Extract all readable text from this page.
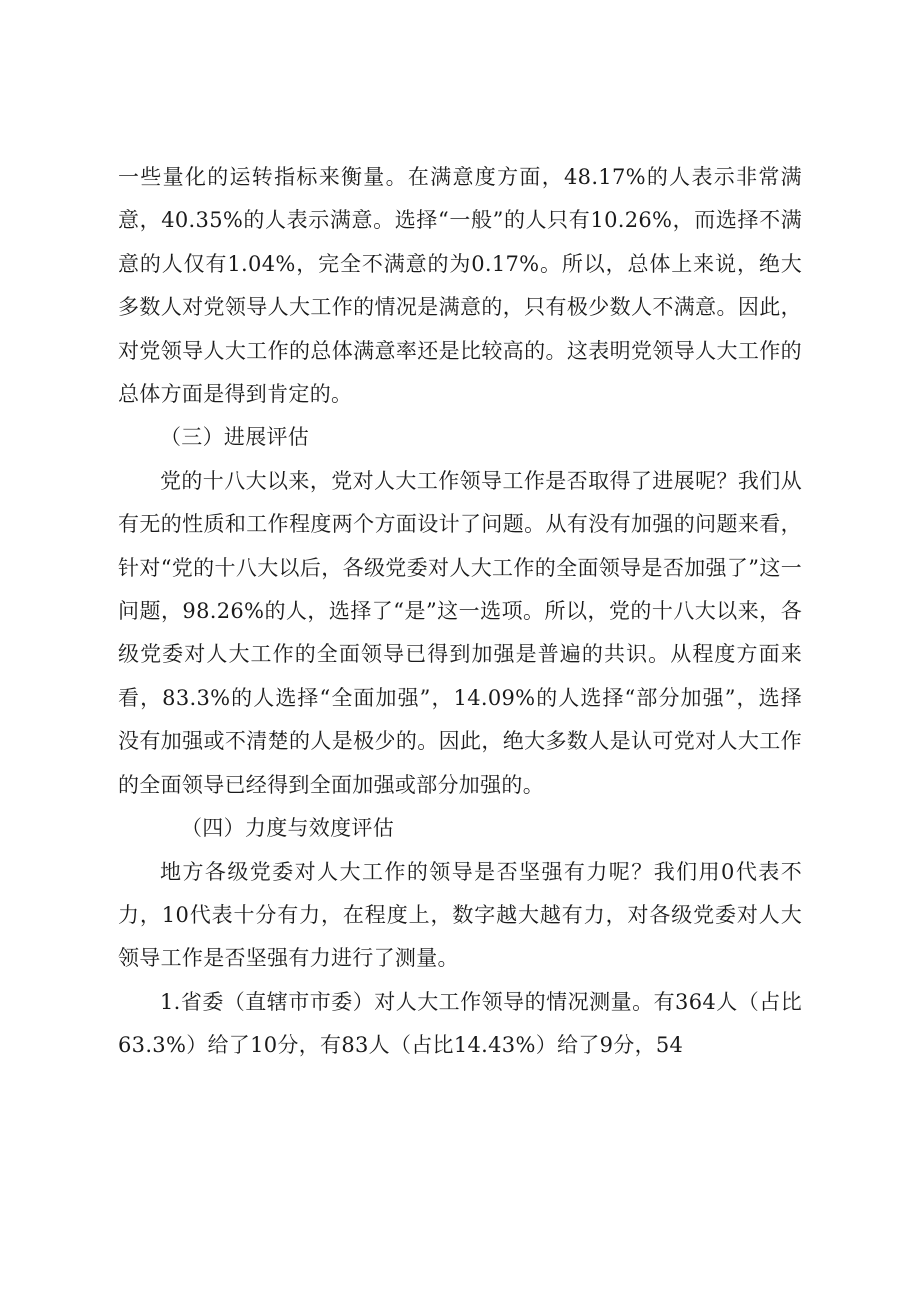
一些量化的运转指标来衡量。在满意度方面，48.17%的人表示非常满意，40.35%的人表示满意。选择“一般”的人只有10.26%，而选择不满意的人仅有1.04%，完全不满意的为0.17%。所以，总体上来说，绝大多数人对党领导人大工作的情况是满意的，只有极少数人不满意。因此，对党领导人大工作的总体满意率还是比较高的。这表明党领导人大工作的总体方面是得到肯定的。

（三）进展评估

党的十八大以来，党对人大工作领导工作是否取得了进展呢？我们从有无的性质和工作程度两个方面设计了问题。从有没有加强的问题来看，针对“党的十八大以后，各级党委对人大工作的全面领导是否加强了”这一问题，98.26%的人，选择了“是”这一选项。所以，党的十八大以来，各级党委对人大工作的全面领导已得到加强是普遍的共识。从程度方面来看，83.3%的人选择“全面加强”，14.09%的人选择“部分加强”，选择没有加强或不清楚的人是极少的。因此，绝大多数人是认可党对人大工作的全面领导已经得到全面加强或部分加强的。

（四）力度与效度评估

地方各级党委对人大工作的领导是否坚强有力呢？我们用0代表不力，10代表十分有力，在程度上，数字越大越有力，对各级党委对人大领导工作是否坚强有力进行了测量。

1.省委（直辖市市委）对人大工作领导的情况测量。有364人（占比63.3%）给了10分，有83人（占比14.43%）给了9分，54
